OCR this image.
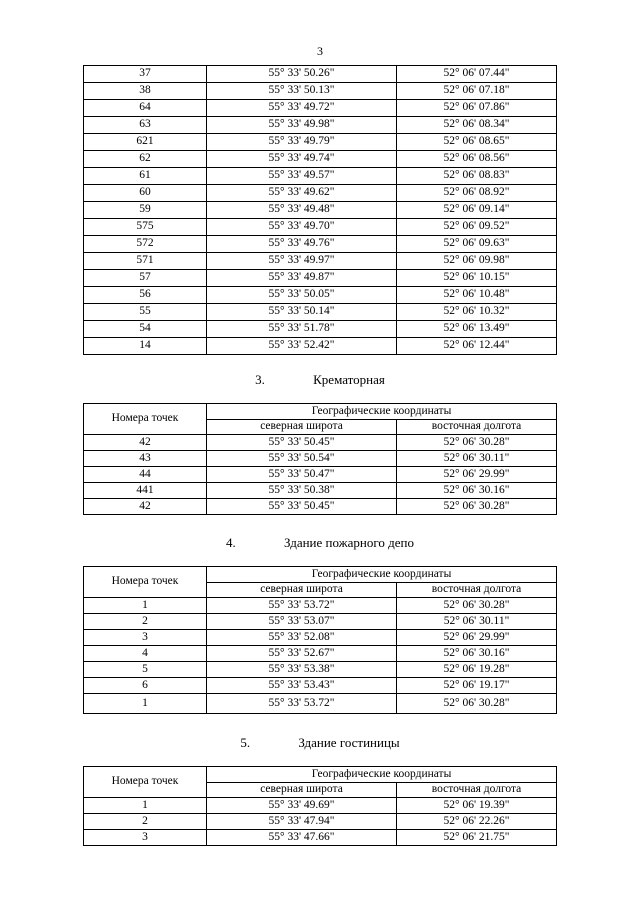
3
37	55° 33' 50.26"	52° 06' 07.44"
38	55° 33' 50.13"	52° 06' 07.18"
64	55° 33' 49.72"	52° 06' 07.86"
63	55° 33' 49.98"	52° 06' 08.34"
621	55° 33' 49.79"	52° 06' 08.65"
62	55° 33' 49.74"	52° 06' 08.56"
61	55° 33' 49.57"	52° 06' 08.83"
60	55° 33' 49.62"	52° 06' 08.92"
59	55° 33' 49.48"	52° 06' 09.14"
575	55° 33' 49.70"	52° 06' 09.52"
572	55° 33' 49.76"	52° 06' 09.63"
571	55° 33' 49.97"	52° 06' 09.98"
57	55° 33' 49.87"	52° 06' 10.15"
56	55° 33' 50.05"	52° 06' 10.48"
55	55° 33' 50.14"	52° 06' 10.32"
54	55° 33' 51.78"	52° 06' 13.49"
14	55° 33' 52.42"	52° 06' 12.44"
3.	Крематорная
Номера точек	Географические координаты	
	северная широта	восточная долгота
42	55° 33' 50.45"	52° 06' 30.28"
43	55° 33' 50.54"	52° 06' 30.11"
44	55° 33' 50.47"	52° 06' 29.99"
441	55° 33' 50.38"	52° 06' 30.16"
42	55° 33' 50.45"	52° 06' 30.28"
4.	Здание пожарного депо
Номера точек	Географические координаты	
	северная широта	восточная долгота
1	55° 33' 53.72"	52° 06' 30.28"
2	55° 33' 53.07"	52° 06' 30.11"
3	55° 33' 52.08"	52° 06' 29.99"
4	55° 33' 52.67"	52° 06' 30.16"
5	55° 33' 53.38"	52° 06' 19.28"
6	55° 33' 53.43"	52° 06' 19.17"
1	55° 33' 53.72"	52° 06' 30.28"
5.	Здание гостиницы
Номера точек	Географические координаты	
	северная широта	восточная долгота
1	55° 33' 49.69"	52° 06' 19.39"
2	55° 33' 47.94"	52° 06' 22.26"
3	55° 33' 47.66"	52° 06' 21.75"
